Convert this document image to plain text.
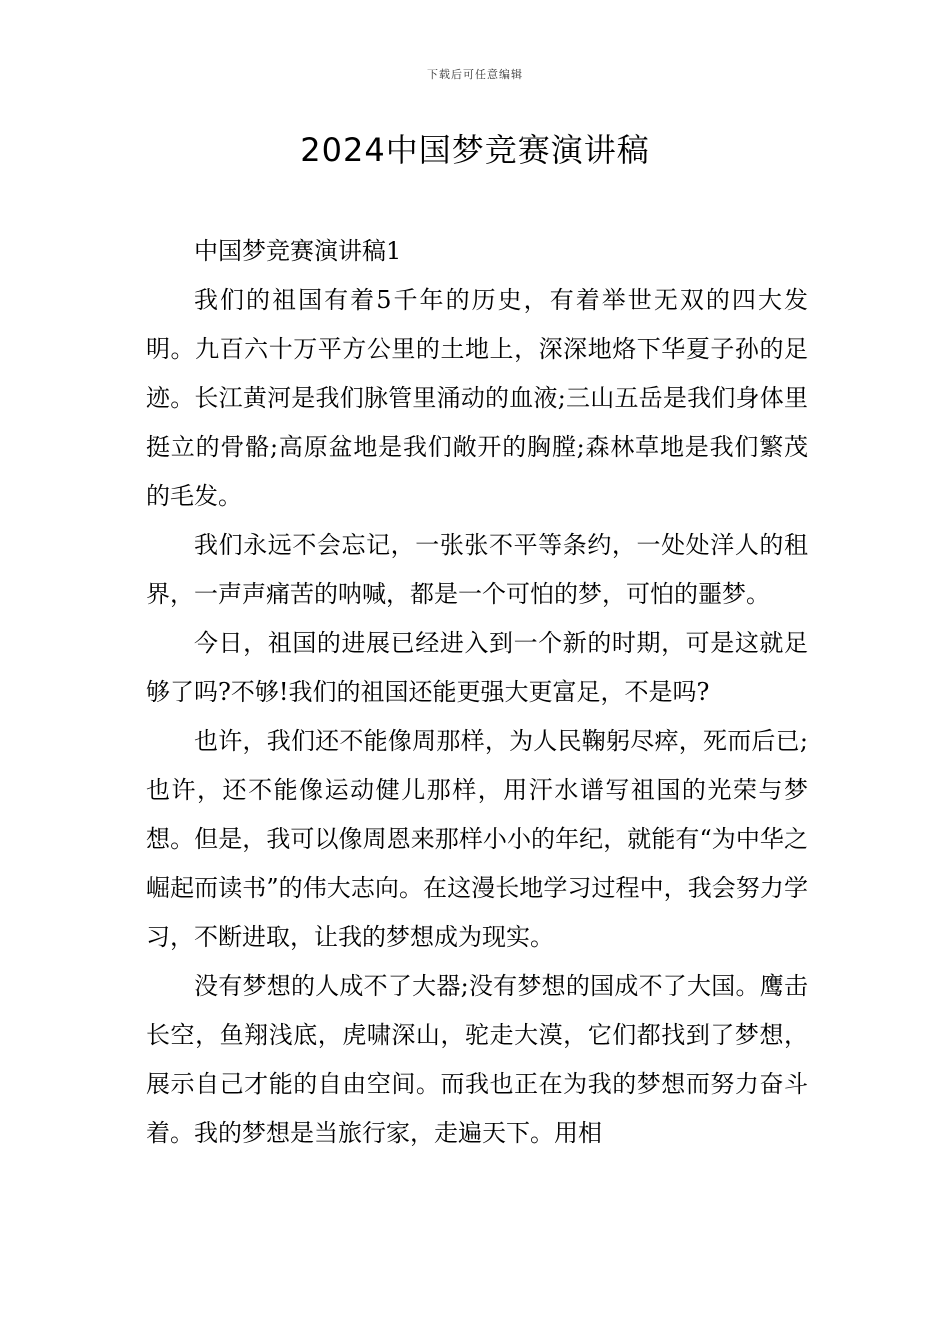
下载后可任意编辑
2024中国梦竞赛演讲稿

中国梦竞赛演讲稿1

我们的祖国有着5千年的历史，有着举世无双的四大发明。九百六十万平方公里的土地上，深深地烙下华夏子孙的足迹。长江黄河是我们脉管里涌动的血液;三山五岳是我们身体里挺立的骨骼;高原盆地是我们敞开的胸膛;森林草地是我们繁茂的毛发。

我们永远不会忘记，一张张不平等条约，一处处洋人的租界，一声声痛苦的呐喊，都是一个可怕的梦，可怕的噩梦。

今日，祖国的进展已经进入到一个新的时期，可是这就足够了吗?不够!我们的祖国还能更强大更富足，不是吗?

也许，我们还不能像周那样，为人民鞠躬尽瘁，死而后已;也许，还不能像运动健儿那样，用汗水谱写祖国的光荣与梦想。但是，我可以像周恩来那样小小的年纪，就能有“为中华之崛起而读书”的伟大志向。在这漫长地学习过程中，我会努力学习，不断进取，让我的梦想成为现实。

没有梦想的人成不了大器;没有梦想的国成不了大国。鹰击长空，鱼翔浅底，虎啸深山，驼走大漠，它们都找到了梦想，展示自己才能的自由空间。而我也正在为我的梦想而努力奋斗着。我的梦想是当旅行家，走遍天下。用相
